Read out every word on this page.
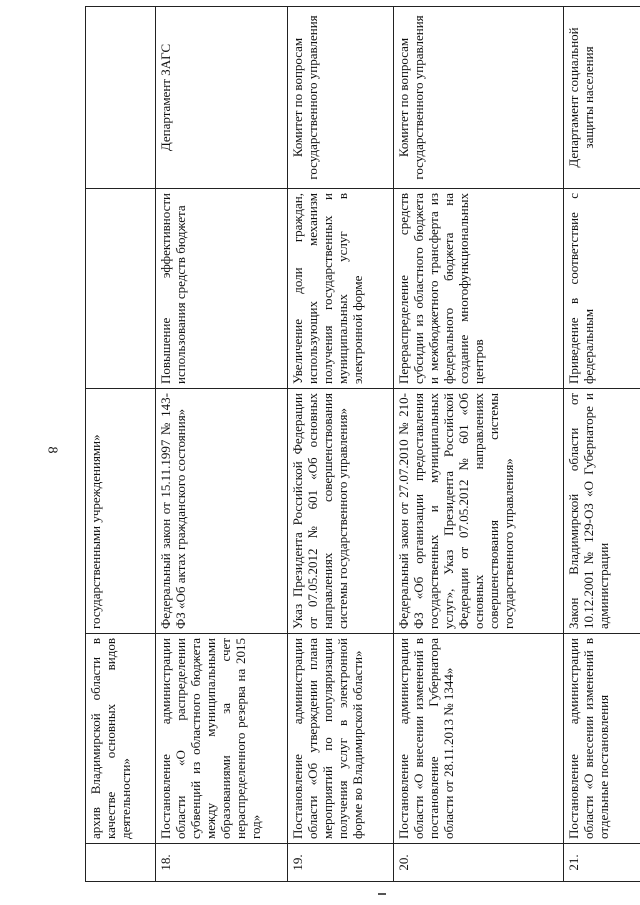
8
	архив Владимирской области в качестве основных видов деятельности»	государственными учреждениями»		
18.	Постановление администрации области «О распределении субвенций из областного бюджета между муниципальными образованиями за счет нераспределенного резерва на 2015 год»	Федеральный закон от 15.11.1997 № 143-ФЗ «Об актах гражданского состояния»	Повышение эффективности использования средств бюджета	Департамент ЗАГС
19.	Постановление администрации области «Об утверждении плана мероприятий по популяризации получения услуг в электронной форме во Владимирской области»	Указ Президента Российской Федерации от 07.05.2012 № 601 «Об основных направлениях совершенствования системы государственного управления»	Увеличение доли граждан, использующих механизм получения государственных и муниципальных услуг в электронной форме	Комитет по вопросам государственного управления
20.	Постановление администрации области «О внесении изменений в постановление Губернатора области от 28.11.2013 № 1344»	Федеральный закон от 27.07.2010 № 210-ФЗ «Об организации предоставления государственных и муниципальных услуг», Указ Президента Российской Федерации от 07.05.2012 № 601 «Об основных направлениях совершенствования системы государственного управления»	Перераспределение средств субсидии из областного бюджета и межбюджетного трансферта из федерального бюджета на создание многофункциональных центров	Комитет по вопросам государственного управления
21.	Постановление администрации области «О внесении изменений в отдельные постановления	Закон Владимирской области от 10.12.2001 № 129-ОЗ «О Губернаторе и администрации	Приведение в соответствие с федеральным	Департамент социальной защиты населения
